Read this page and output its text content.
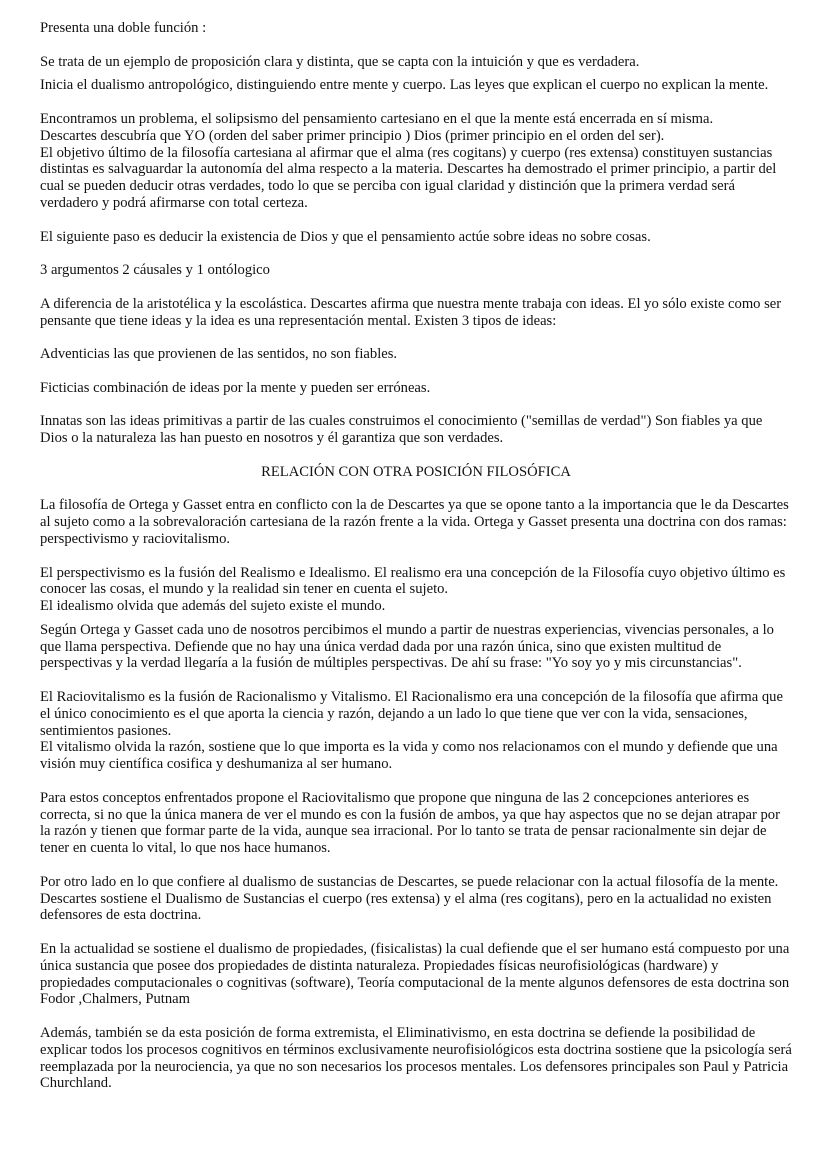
Presenta una doble función :

Se trata de un ejemplo de proposición clara y distinta, que se capta con la intuición y que es verdadera.

Inicia el dualismo antropológico, distinguiendo entre mente y cuerpo. Las leyes que explican el cuerpo no explican la mente.

Encontramos un problema, el solipsismo del pensamiento cartesiano en el que la mente está encerrada en sí misma.

Descartes descubría que YO (orden del saber primer principio ) Dios (primer principio en el orden del ser).

El objetivo último de la filosofía cartesiana al afirmar que el alma (res cogitans) y cuerpo (res extensa) constituyen sustancias distintas es salvaguardar la autonomía del alma respecto a la materia. Descartes ha demostrado el primer principio, a partir del cual se pueden deducir otras verdades, todo lo que se perciba con igual claridad y distinción que la primera verdad será verdadero y podrá afirmarse con total certeza.

El siguiente paso es deducir la existencia de Dios y que el pensamiento actúe sobre ideas no sobre cosas.

3 argumentos 2 cáusales y 1 ontólogico

A diferencia de la aristotélica y la escolástica. Descartes afirma que nuestra mente trabaja con ideas. El yo sólo existe como ser pensante que tiene ideas y la idea es una representación mental. Existen 3 tipos de ideas:

Adventicias las que provienen de las sentidos, no son fiables.

Ficticias combinación de ideas por la mente y pueden ser erróneas.

Innatas son las ideas primitivas a partir de las cuales construimos el conocimiento ("semillas de verdad") Son fiables ya que Dios o la naturaleza las han puesto en nosotros y él garantiza que son verdades.

RELACIÓN CON OTRA POSICIÓN FILOSÓFICA

La filosofía de Ortega y Gasset entra en conflicto con la de Descartes ya que se opone tanto a la importancia que le da Descartes al sujeto como a la sobrevaloración cartesiana de la razón frente a la vida. Ortega y Gasset presenta una doctrina con dos ramas: perspectivismo y raciovitalismo.

El perspectivismo es la fusión del Realismo e Idealismo. El realismo era una concepción de la Filosofía cuyo objetivo último es conocer las cosas, el mundo y la realidad sin tener en cuenta el sujeto.

El idealismo olvida que además del sujeto existe el mundo.

Según Ortega y Gasset cada uno de nosotros percibimos el mundo a partir de nuestras experiencias, vivencias personales, a lo que llama perspectiva. Defiende que no hay una única verdad dada por una razón única, sino que existen multitud de perspectivas y la verdad llegaría a la fusión de múltiples perspectivas. De ahí su frase: "Yo soy yo y mis circunstancias".

El Raciovitalismo es la fusión de Racionalismo y Vitalismo. El Racionalismo era una concepción de la filosofía que afirma que el único conocimiento es el que aporta la ciencia y razón, dejando a un lado lo que tiene que ver con la vida, sensaciones, sentimientos pasiones.

El vitalismo olvida la razón, sostiene que lo que importa es la vida y como nos relacionamos con el mundo y defiende que una visión muy científica cosifica y deshumaniza al ser humano.

Para estos conceptos enfrentados propone el Raciovitalismo que propone que ninguna de las 2 concepciones anteriores es correcta, si no que la única manera de ver el mundo es con la fusión de ambos, ya que hay aspectos que no se dejan atrapar por la razón y tienen que formar parte de la vida, aunque sea irracional. Por lo tanto se trata de pensar racionalmente sin dejar de tener en cuenta lo vital, lo que nos hace humanos.

Por otro lado en lo que confiere al dualismo de sustancias de Descartes, se puede relacionar con la actual filosofía de la mente. Descartes sostiene el Dualismo de Sustancias el cuerpo (res extensa) y el alma (res cogitans), pero en la actualidad no existen defensores de esta doctrina.

En la actualidad se sostiene el dualismo de propiedades, (fisicalistas) la cual defiende que el ser humano está compuesto por una única sustancia que posee dos propiedades de distinta naturaleza. Propiedades físicas neurofisiológicas (hardware) y propiedades computacionales o cognitivas (software), Teoría computacional de la mente algunos defensores de esta doctrina son Fodor ,Chalmers, Putnam

Además, también se da esta posición de forma extremista, el Eliminativismo, en esta doctrina se defiende la posibilidad de explicar todos los procesos cognitivos en términos exclusivamente neurofisiológicos esta doctrina sostiene que la psicología será reemplazada por la neurociencia, ya que no son necesarios los procesos mentales. Los defensores principales son Paul y Patricia Churchland.
